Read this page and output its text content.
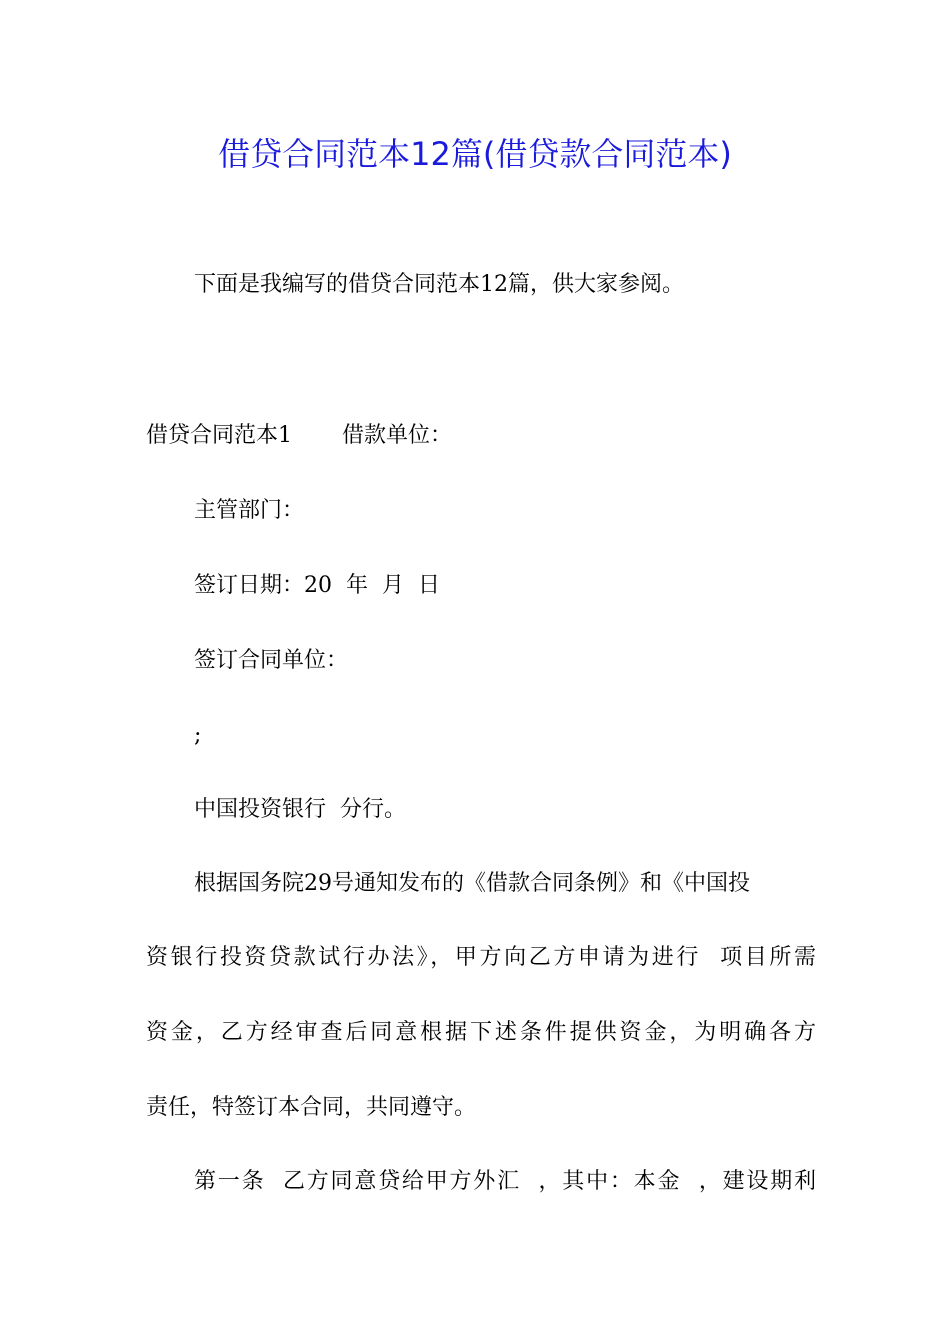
借贷合同范本12篇(借贷款合同范本)

下面是我编写的借贷合同范本12篇，供大家参阅。

借贷合同范本1 借款单位：

主管部门：

签订日期：20  年  月  日

签订合同单位：

;

中国投资银行  分行。

根据国务院29号通知发布的《借款合同条例》和《中国投

资银行投资贷款试行办法》，甲方向乙方申请为进行  项目所需

资金，乙方经审查后同意根据下述条件提供资金，为明确各方

责任，特签订本合同，共同遵守。

第一条  乙方同意贷给甲方外汇  ，其中：本金  ，建设期利
